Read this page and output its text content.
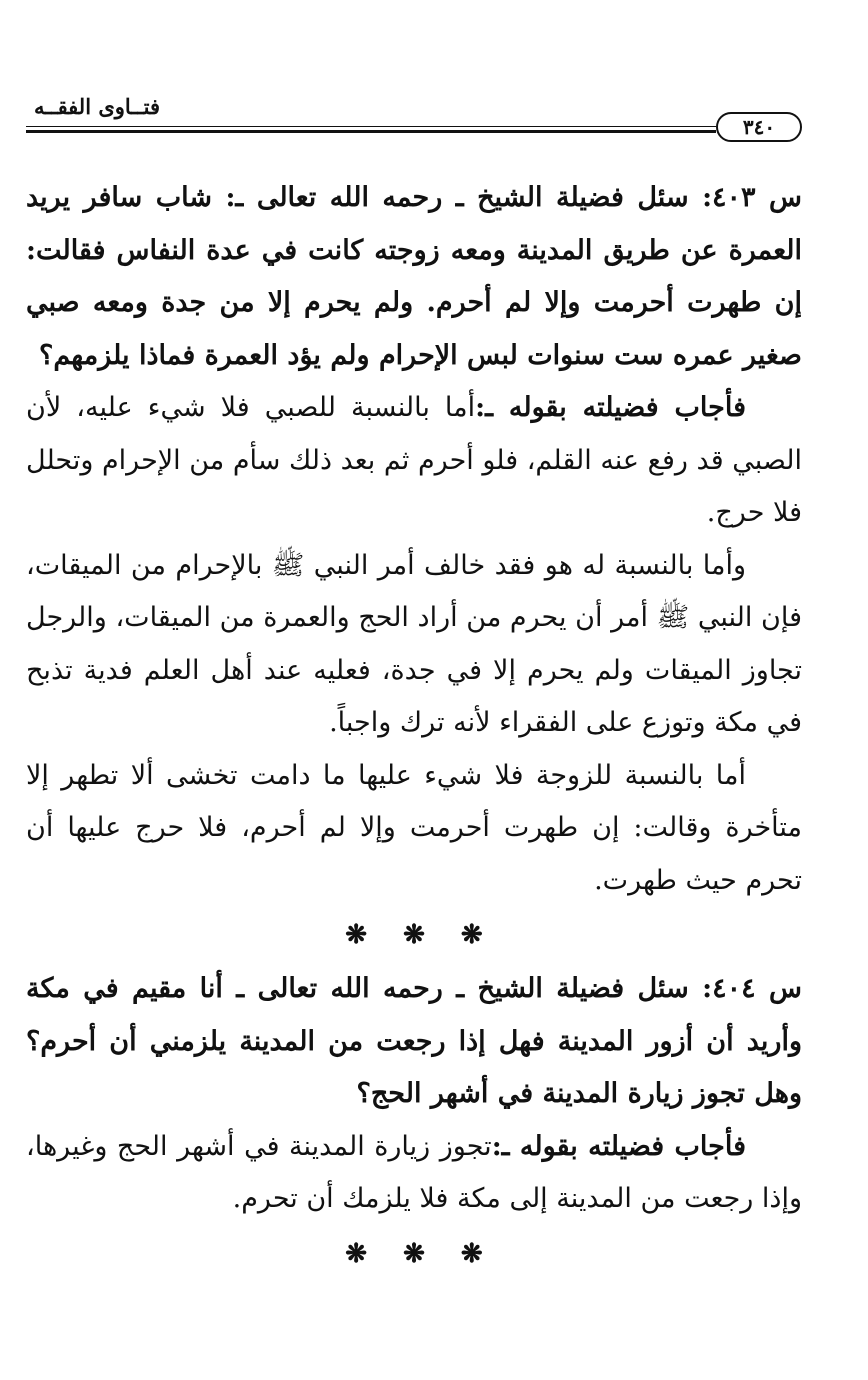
فتــاوى الفقــه
٣٤٠

س ٤٠٣: سئل فضيلة الشيخ ـ رحمه الله تعالى ـ: شاب سافر يريد العمرة عن طريق المدينة ومعه زوجته كانت في عدة النفاس فقالت: إن طهرت أحرمت وإلا لم أحرم. ولم يحرم إلا من جدة ومعه صبي صغير عمره ست سنوات لبس الإحرام ولم يؤد العمرة فماذا يلزمهم؟

فأجاب فضيلته بقوله ـ:أما بالنسبة للصبي فلا شيء عليه، لأن الصبي قد رفع عنه القلم، فلو أحرم ثم بعد ذلك سأم من الإحرام وتحلل فلا حرج.

وأما بالنسبة له هو فقد خالف أمر النبي ﷺ بالإحرام من الميقات، فإن النبي ﷺ أمر أن يحرم من أراد الحج والعمرة من الميقات، والرجل تجاوز الميقات ولم يحرم إلا في جدة، فعليه عند أهل العلم فدية تذبح في مكة وتوزع على الفقراء لأنه ترك واجباً.

أما بالنسبة للزوجة فلا شيء عليها ما دامت تخشى ألا تطهر إلا متأخرة وقالت: إن طهرت أحرمت وإلا لم أحرم، فلا حرج عليها أن تحرم حيث طهرت.

❋ ❋ ❋

س ٤٠٤: سئل فضيلة الشيخ ـ رحمه الله تعالى ـ أنا مقيم في مكة وأريد أن أزور المدينة فهل إذا رجعت من المدينة يلزمني أن أحرم؟ وهل تجوز زيارة المدينة في أشهر الحج؟

فأجاب فضيلته بقوله ـ:تجوز زيارة المدينة في أشهر الحج وغيرها، وإذا رجعت من المدينة إلى مكة فلا يلزمك أن تحرم.

❋ ❋ ❋
